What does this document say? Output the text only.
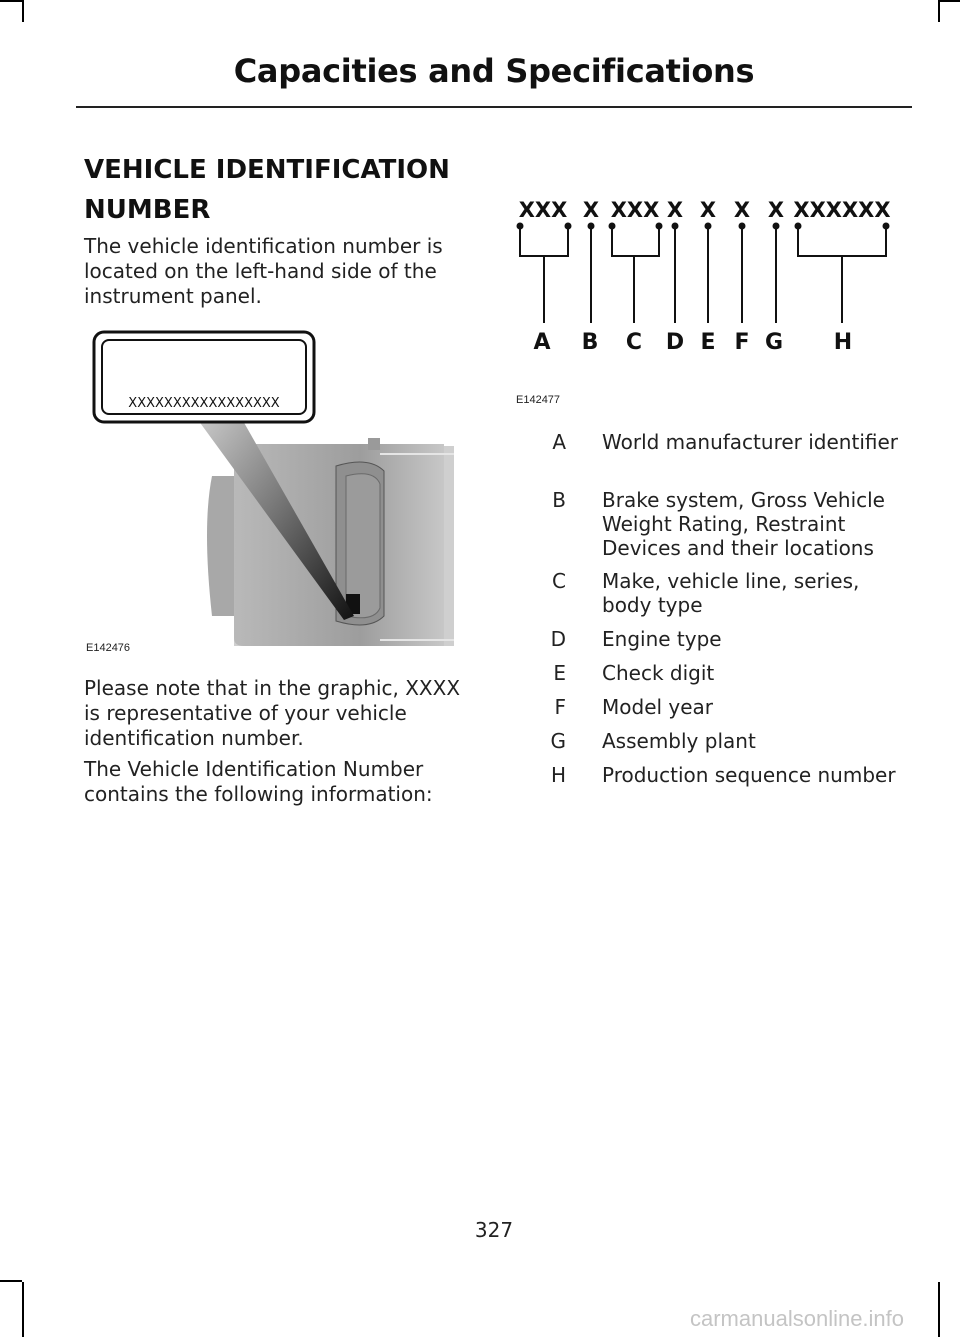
Capacities and Specifications
VEHICLE IDENTIFICATION
NUMBER

The vehicle identification number is located on the left-hand side of the instrument panel.

XXXXXXXXXXXXXXXXX
E142476

Please note that in the graphic, XXXX is representative of your vehicle identification number.

The Vehicle Identification Number contains the following information:

XXX X XXX X X X X XXXXXX
A B C D E F G H
E142477
A World manufacturer identifier
B Brake system, Gross Vehicle Weight Rating, Restraint Devices and their locations
C Make, vehicle line, series, body type
D Engine type
E Check digit
F Model year
G Assembly plant
H Production sequence number
327
carmanualsonline.info
